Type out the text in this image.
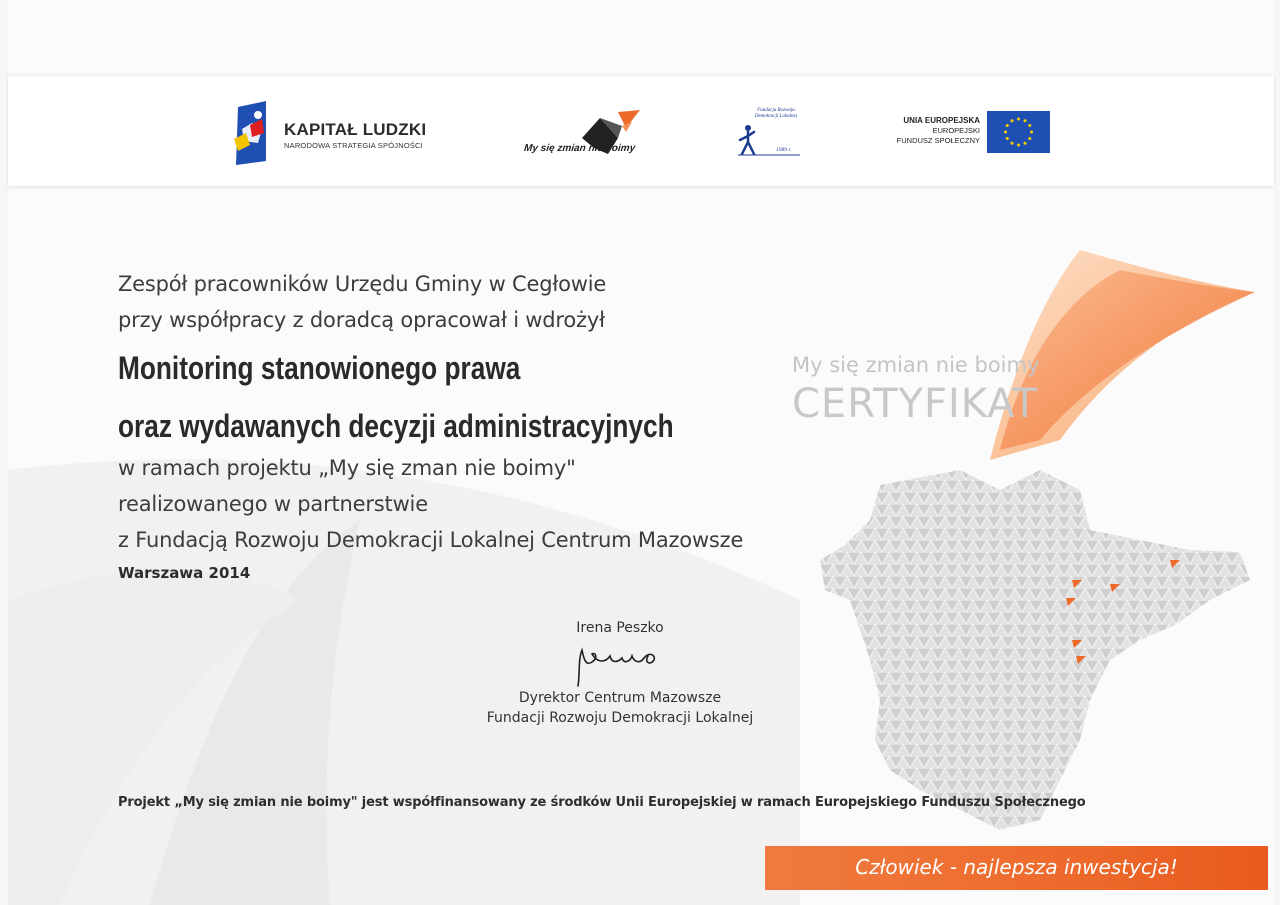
KAPITAŁ LUDZKI
NARODOWA STRATEGIA SPÓJNOŚCI	My się zmian nie boimy
Fundacja Rozwoju Demokracji Lokalnej
1989 r.
UNIA EUROPEJSKA
EUROPEJSKI
FUNDUSZ SPOŁECZNY
My się zmian nie boimy
CERTYFIKAT
Zespół pracowników Urzędu Gminy w Cegłowie
przy współpracy z doradcą opracował i wdrożył
Monitoring stanowionego prawa
oraz wydawanych decyzji administracyjnych
w ramach projektu „My się zman nie boimy"
realizowanego w partnerstwie
z Fundacją Rozwoju Demokracji Lokalnej Centrum Mazowsze
Warszawa 2014
Irena Peszko
Dyrektor Centrum Mazowsze
Fundacji Rozwoju Demokracji Lokalnej
Projekt „My się zmian nie boimy" jest współfinansowany ze środków Unii Europejskiej w ramach Europejskiego Funduszu Społecznego
Człowiek - najlepsza inwestycja!
